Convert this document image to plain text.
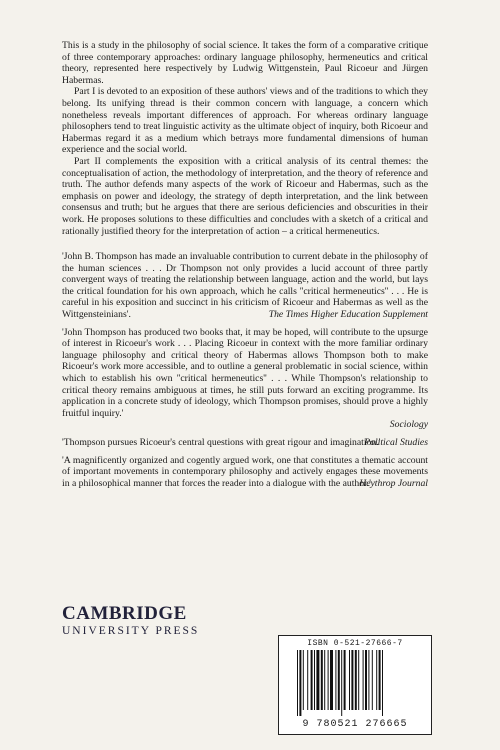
This is a study in the philosophy of social science. It takes the form of a comparative critique of three contemporary approaches: ordinary language philosophy, hermeneutics and critical theory, represented here respectively by Ludwig Wittgenstein, Paul Ricoeur and Jürgen Habermas.

Part I is devoted to an exposition of these authors' views and of the traditions to which they belong. Its unifying thread is their common concern with language, a concern which nonetheless reveals important differences of approach. For whereas ordinary language philosophers tend to treat linguistic activity as the ultimate object of inquiry, both Ricoeur and Habermas regard it as a medium which betrays more fundamental dimensions of human experience and the social world.

Part II complements the exposition with a critical analysis of its central themes: the conceptualisation of action, the methodology of interpretation, and the theory of reference and truth. The author defends many aspects of the work of Ricoeur and Habermas, such as the emphasis on power and ideology, the strategy of depth interpretation, and the link between consensus and truth; but he argues that there are serious deficiencies and obscurities in their work. He proposes solutions to these difficulties and concludes with a sketch of a critical and rationally justified theory for the interpretation of action – a critical hermeneutics.

'John B. Thompson has made an invaluable contribution to current debate in the philosophy of the human sciences . . . Dr Thompson not only provides a lucid account of three partly convergent ways of treating the relationship between language, action and the world, but lays the critical foundation for his own approach, which he calls ''critical hermeneutics'' . . . He is careful in his exposition and succinct in his criticism of Ricoeur and Habermas as well as the Wittgensteinians'.	The Times Higher Education Supplement
'John Thompson has produced two books that, it may be hoped, will contribute to the upsurge of interest in Ricoeur's work . . . Placing Ricoeur in context with the more familiar ordinary language philosophy and critical theory of Habermas allows Thompson both to make Ricoeur's work more accessible, and to outline a general problematic in social science, within which to establish his own ''critical hermeneutics'' . . . While Thompson's relationship to critical theory remains ambiguous at times, he still puts forward an exciting programme. Its application in a concrete study of ideology, which Thompson promises, should prove a highly fruitful inquiry.'
Sociology
'Thompson pursues Ricoeur's central questions with great rigour and imagination.'
Political Studies
'A magnificently organized and cogently argued work, one that constitutes a thematic account of important movements in contemporary philosophy and actively engages these movements in a philosophical manner that forces the reader into a dialogue with the author.'
Heythrop Journal
CAMBRIDGE
UNIVERSITY PRESS
ISBN 0-521-27666-7
9 780521 276665
